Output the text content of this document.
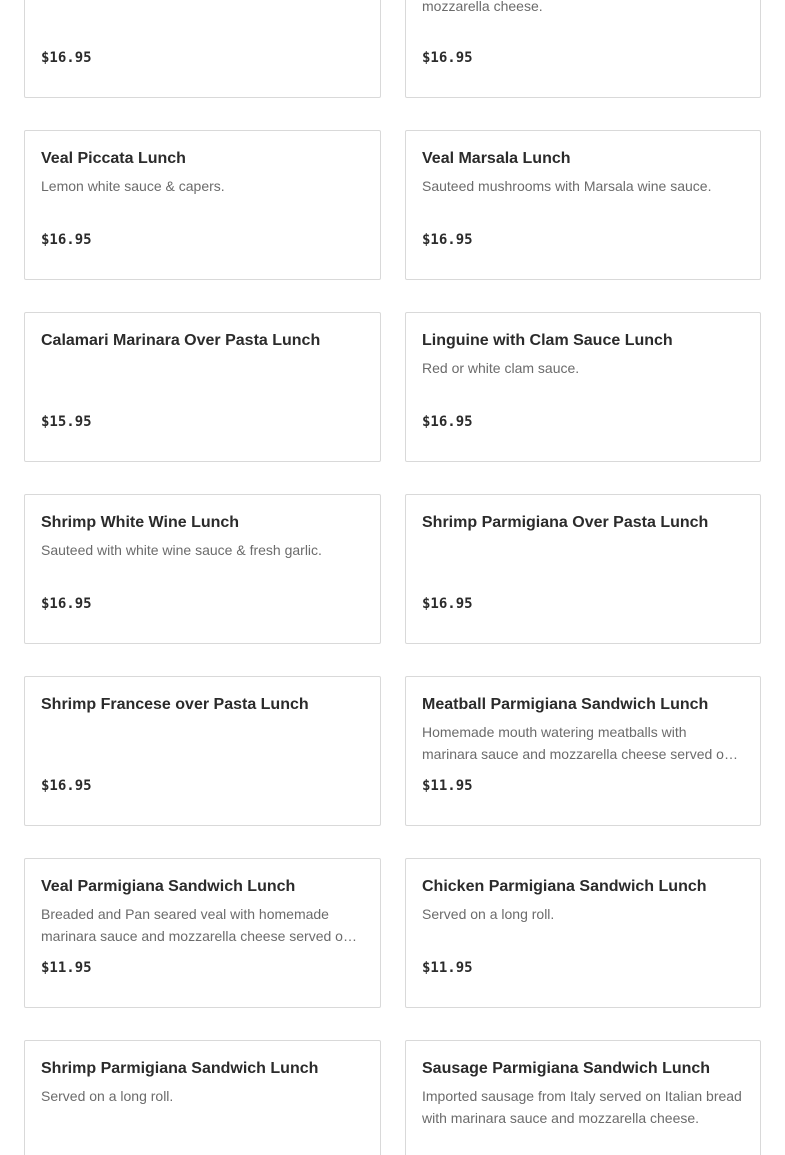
$16.95
mozzarella cheese.
$16.95
Veal Piccata Lunch
Lemon white sauce & capers.
$16.95
Veal Marsala Lunch
Sauteed mushrooms with Marsala wine sauce.
$16.95
Calamari Marinara Over Pasta Lunch
$15.95
Linguine with Clam Sauce Lunch
Red or white clam sauce.
$16.95
Shrimp White Wine Lunch
Sauteed with white wine sauce & fresh garlic.
$16.95
Shrimp Parmigiana Over Pasta Lunch
$16.95
Shrimp Francese over Pasta Lunch
$16.95
Meatball Parmigiana Sandwich Lunch
Homemade mouth watering meatballs with marinara sauce and mozzarella cheese served on a
$11.95
Veal Parmigiana Sandwich Lunch
Breaded and Pan seared veal with homemade marinara sauce and mozzarella cheese served on a
$11.95
Chicken Parmigiana Sandwich Lunch
Served on a long roll.
$11.95
Shrimp Parmigiana Sandwich Lunch
Served on a long roll.
Sausage Parmigiana Sandwich Lunch
Imported sausage from Italy served on Italian bread with marinara sauce and mozzarella cheese.
